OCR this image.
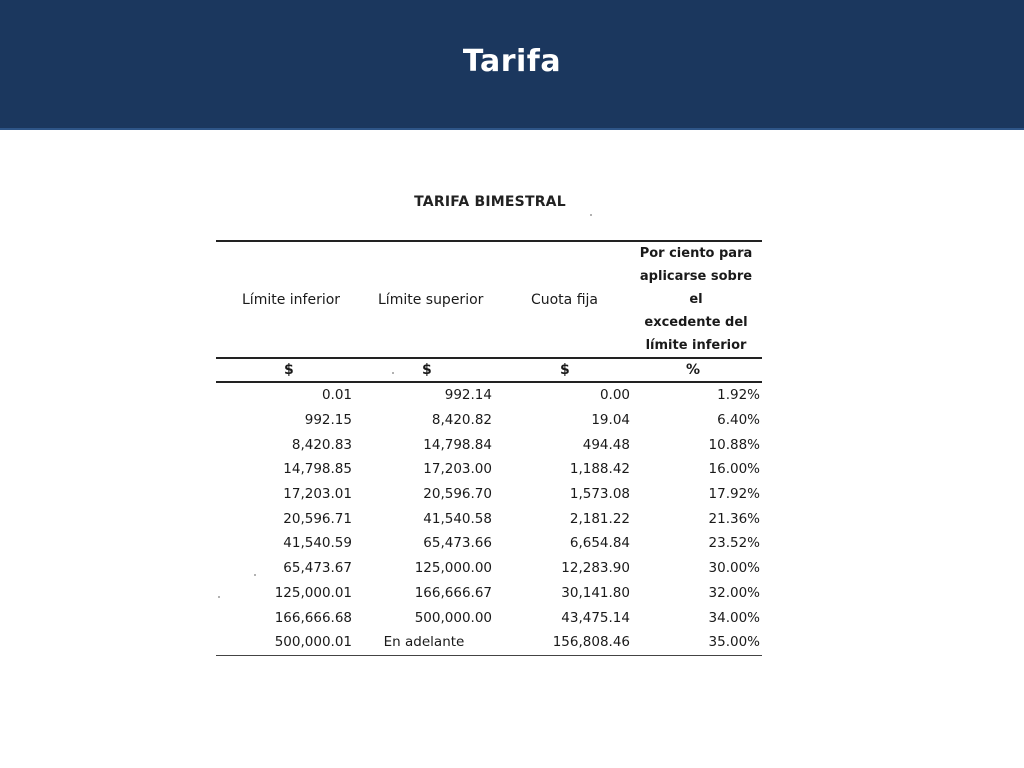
Tarifa
TARIFA BIMESTRAL
Límite inferior	Límite superior	Cuota fija	Por ciento para
aplicarse sobre el
excedente del
límite inferior

$	$	$	%
0.01	992.14	0.00	1.92%
992.15	8,420.82	19.04	6.40%
8,420.83	14,798.84	494.48	10.88%
14,798.85	17,203.00	1,188.42	16.00%
17,203.01	20,596.70	1,573.08	17.92%
20,596.71	41,540.58	2,181.22	21.36%
41,540.59	65,473.66	6,654.84	23.52%
65,473.67	125,000.00	12,283.90	30.00%
125,000.01	166,666.67	30,141.80	32.00%
166,666.68	500,000.00	43,475.14	34.00%
500,000.01	En adelante	156,808.46	35.00%
